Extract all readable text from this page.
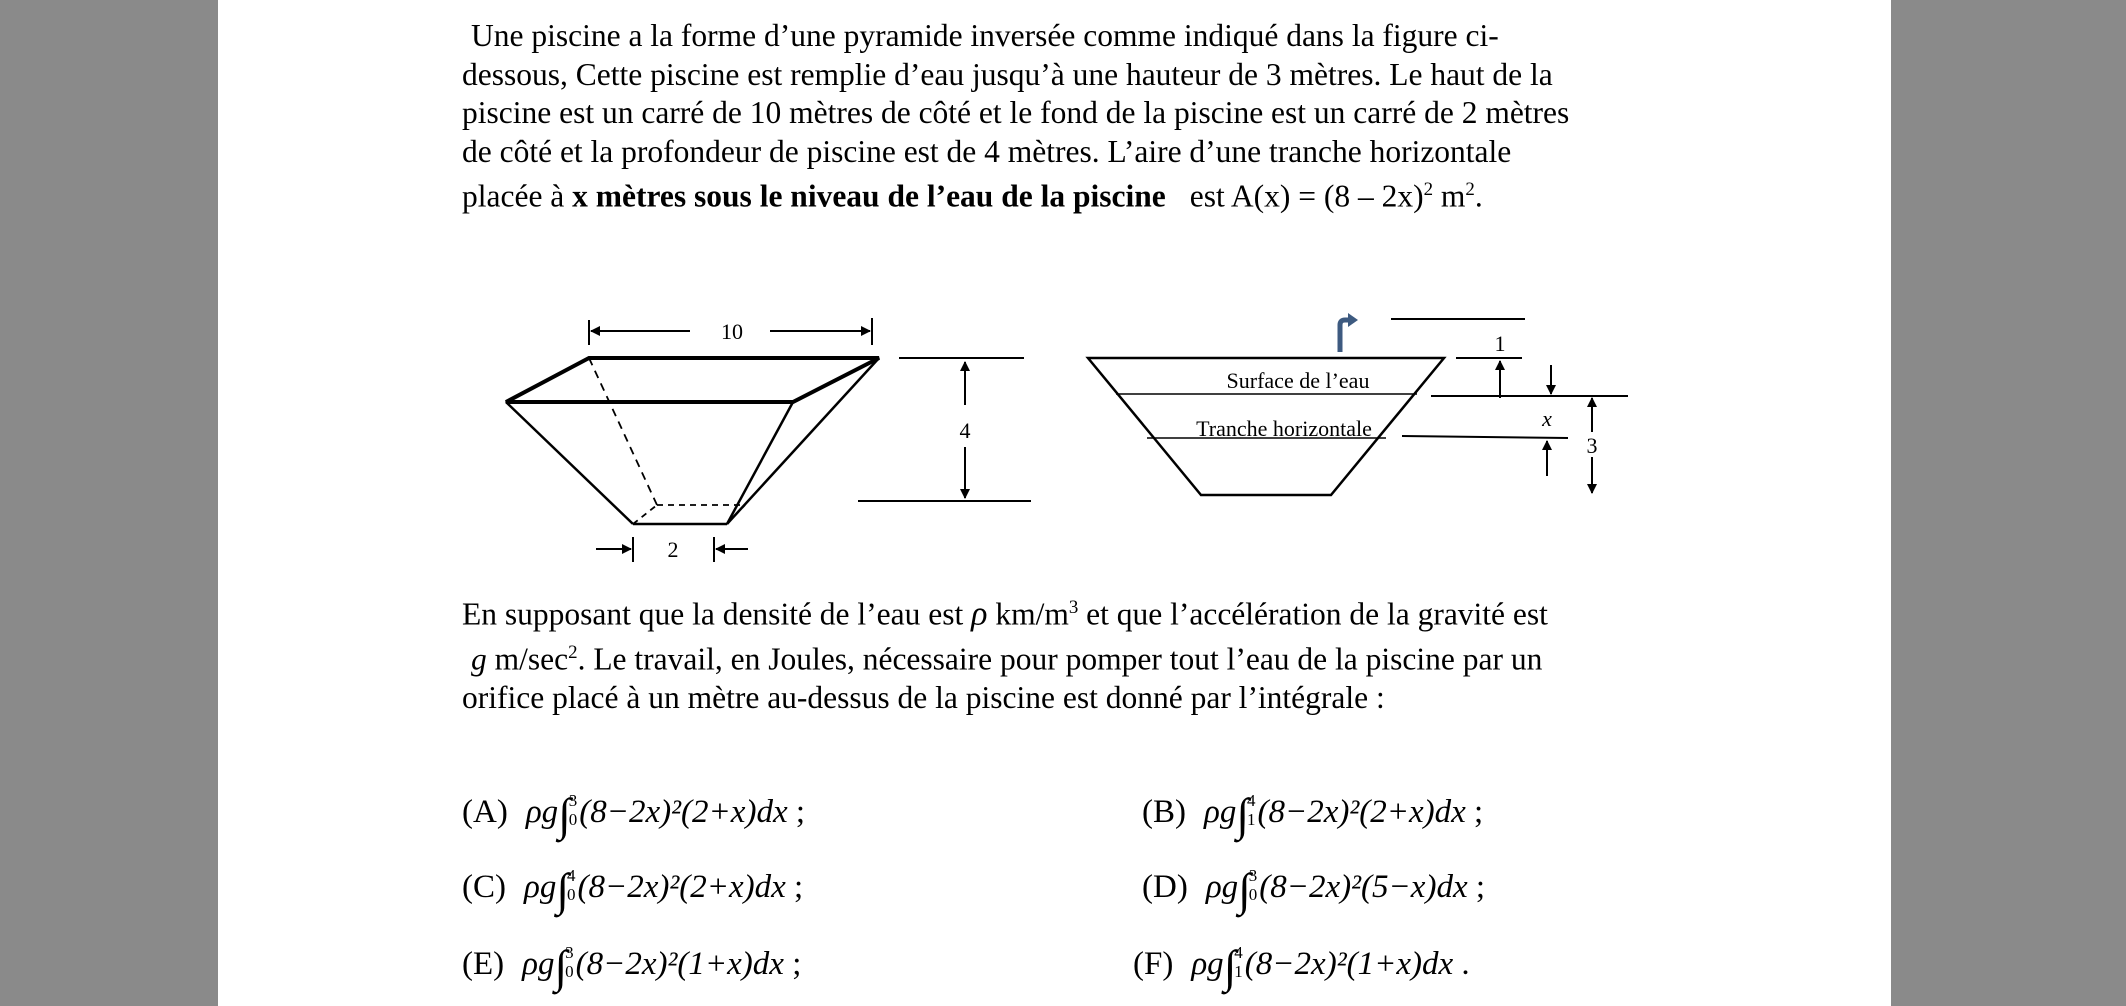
Une piscine a la forme d’une pyramide inversée comme indiqué dans la figure ci-

dessous, Cette piscine est remplie d’eau jusqu’à une hauteur de 3 mètres. Le haut de la

piscine est un carré de 10 mètres de côté et le fond de la piscine est un carré de 2 mètres

de côté et la profondeur de piscine est de 4 mètres. L’aire d’une tranche horizontale

placée à x mètres sous le niveau de l’eau de la piscine est A(x) = (8 – 2x)$^2$ $m^2$.

10
2
4
Surface de l’eau
Tranche horizontale
1
x
3

En supposant que la densité de l’eau est ρ $km/m^3$ et que l’accélération de la gravité est

g $m/\sec^2$. Le travail, en Joules, nécessaire pour pomper tout l’eau de la piscine par un

orifice placé à un mètre au-dessus de la piscine est donné par l’intégrale :

(A) ρg∫
3
0 (8−2x)²(2+x)dx ;	(B) ρg∫
4
1 (8−2x)²(2+x)dx ;
(C) ρg∫
4
0 (8−2x)²(2+x)dx ;	(D) ρg∫
3
0 (8−2x)²(5−x)dx ;
(E) ρg∫
3
0 (8−2x)²(1+x)dx ;	(F) ρg∫
4
1 (8−2x)²(1+x)dx .
